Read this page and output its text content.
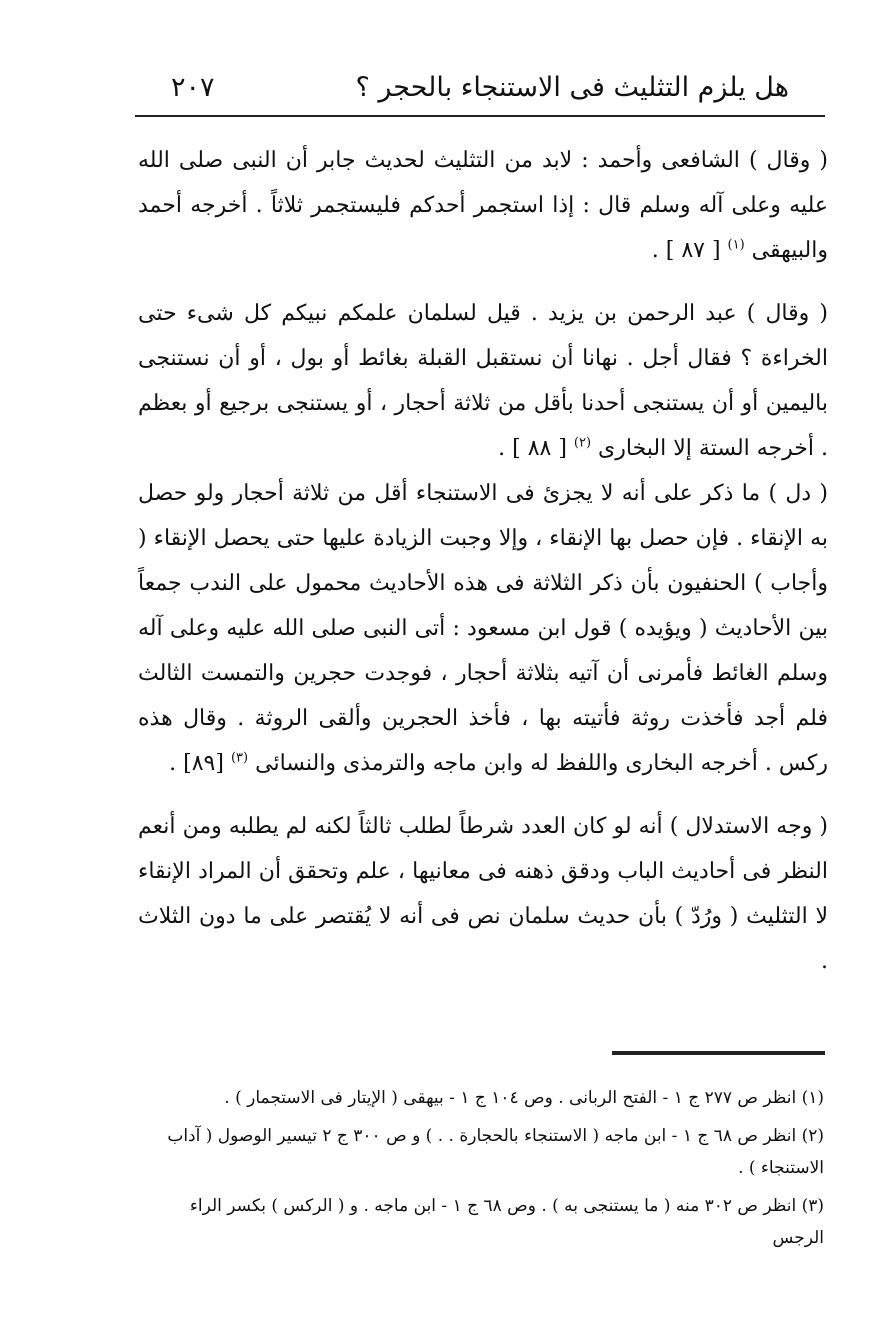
هل يلزم التثليث فى الاستنجاء بالحجر ؟
٢٠٧

( وقال ) الشافعى وأحمد : لابد من التثليث لحديث جابر أن النبى صلى الله عليه وعلى آله وسلم قال : إذا استجمر أحدكم فليستجمر ثلاثاً . أخرجه أحمد والبيهقى $^{(١)}$ [ ٨٧ ] .

( وقال ) عبد الرحمن بن يزيد . قيل لسلمان علمكم نبيكم كل شىء حتى الخراءة ؟ فقال أجل . نهانا أن نستقبل القبلة بغائط أو بول ، أو أن نستنجى باليمين أو أن يستنجى أحدنا بأقل من ثلاثة أحجار ، أو يستنجى برجيع أو بعظم . أخرجه الستة إلا البخارى $^{(٢)}$ [ ٨٨ ] .

( دل ) ما ذكر على أنه لا يجزئ فى الاستنجاء أقل من ثلاثة أحجار ولو حصل به الإنقاء . فإن حصل بها الإنقاء ، وإلا وجبت الزيادة عليها حتى يحصل الإنقاء ( وأجاب ) الحنفيون بأن ذكر الثلاثة فى هذه الأحاديث محمول على الندب جمعاً بين الأحاديث ( ويؤيده ) قول ابن مسعود : أتى النبى صلى الله عليه وعلى آله وسلم الغائط فأمرنى أن آتيه بثلاثة أحجار ، فوجدت حجرين والتمست الثالث فلم أجد فأخذت روثة فأتيته بها ، فأخذ الحجرين وألقى الروثة . وقال هذه ركس . أخرجه البخارى واللفظ له وابن ماجه والترمذى والنسائى $^{(٣)}$ [٨٩] .

( وجه الاستدلال ) أنه لو كان العدد شرطاً لطلب ثالثاً لكنه لم يطلبه ومن أنعم النظر فى أحاديث الباب ودقق ذهنه فى معانيها ، علم وتحقق أن المراد الإنقاء لا التثليث ( ورُدّ ) بأن حديث سلمان نص فى أنه لا يُقتصر على ما دون الثلاث .

(١) انظر ص ٢٧٧ ج ١ - الفتح الربانى . وص ١٠٤ ج ١ - بيهقى ( الإيتار فى الاستجمار ) .

(٢) انظر ص ٦٨ ج ١ - ابن ماجه ( الاستنجاء بالحجارة . . ) و ص ٣٠٠ ج ٢ تيسير الوصول ( آداب الاستنجاء ) .

(٣) انظر ص ٣٠٢ منه ( ما يستنجى به ) . وص ٦٨ ج ١ - ابن ماجه . و ( الركس ) بكسر الراء الرجس
